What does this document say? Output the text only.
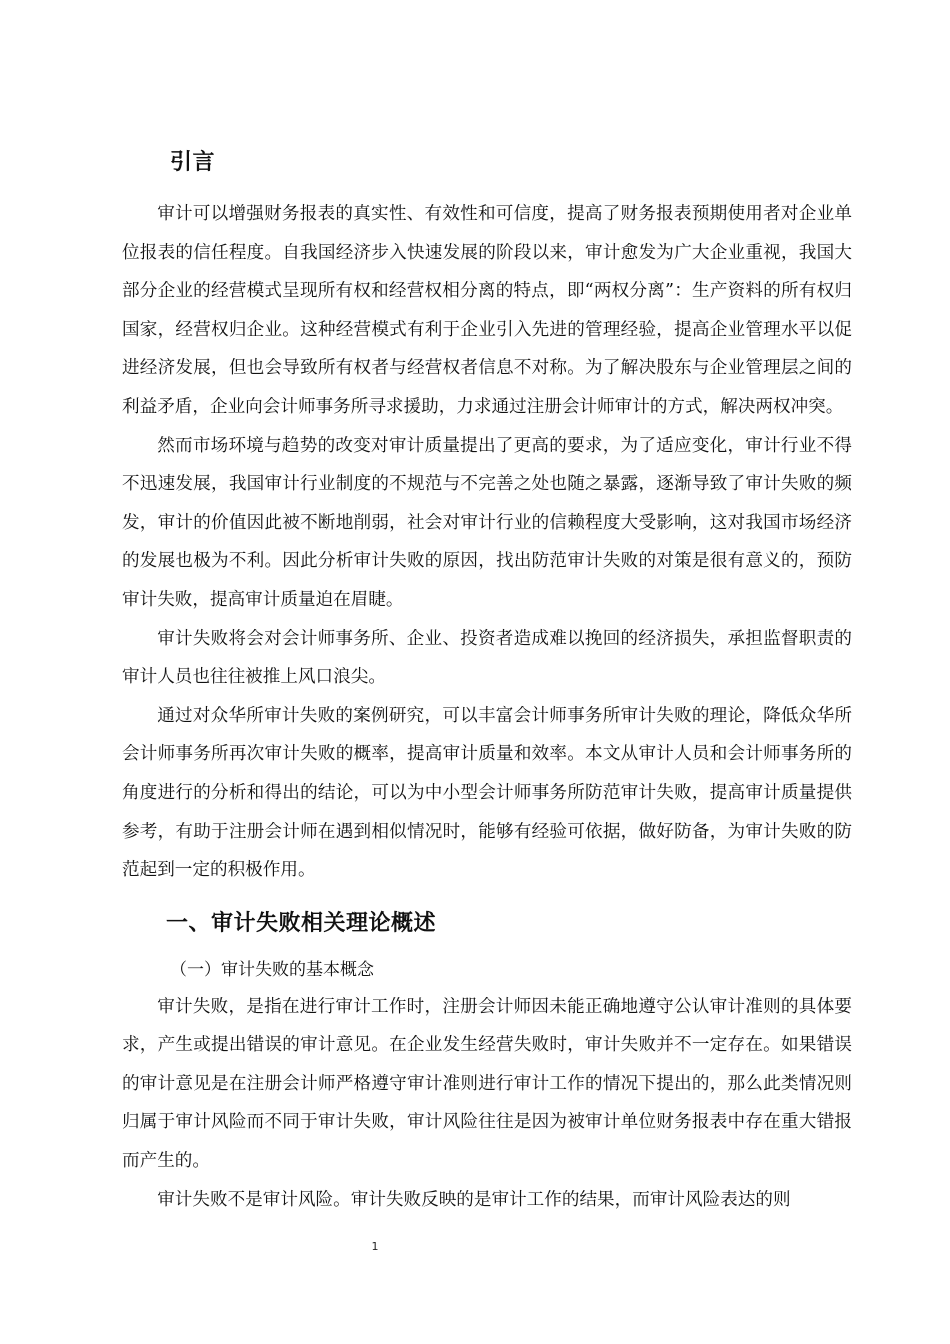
引言

审计可以增强财务报表的真实性、有效性和可信度，提高了财务报表预期使用者对企业单位报表的信任程度。自我国经济步入快速发展的阶段以来，审计愈发为广大企业重视，我国大部分企业的经营模式呈现所有权和经营权相分离的特点，即“两权分离”：生产资料的所有权归国家，经营权归企业。这种经营模式有利于企业引入先进的管理经验，提高企业管理水平以促进经济发展，但也会导致所有权者与经营权者信息不对称。为了解决股东与企业管理层之间的利益矛盾，企业向会计师事务所寻求援助，力求通过注册会计师审计的方式，解决两权冲突。

然而市场环境与趋势的改变对审计质量提出了更高的要求，为了适应变化，审计行业不得不迅速发展，我国审计行业制度的不规范与不完善之处也随之暴露，逐渐导致了审计失败的频发，审计的价值因此被不断地削弱，社会对审计行业的信赖程度大受影响，这对我国市场经济的发展也极为不利。因此分析审计失败的原因，找出防范审计失败的对策是很有意义的，预防审计失败，提高审计质量迫在眉睫。

审计失败将会对会计师事务所、企业、投资者造成难以挽回的经济损失，承担监督职责的审计人员也往往被推上风口浪尖。

通过对众华所审计失败的案例研究，可以丰富会计师事务所审计失败的理论，降低众华所会计师事务所再次审计失败的概率，提高审计质量和效率。本文从审计人员和会计师事务所的角度进行的分析和得出的结论，可以为中小型会计师事务所防范审计失败，提高审计质量提供参考，有助于注册会计师在遇到相似情况时，能够有经验可依据，做好防备，为审计失败的防范起到一定的积极作用。

一、审计失败相关理论概述

（一）审计失败的基本概念

审计失败，是指在进行审计工作时，注册会计师因未能正确地遵守公认审计准则的具体要求，产生或提出错误的审计意见。在企业发生经营失败时，审计失败并不一定存在。如果错误的审计意见是在注册会计师严格遵守审计准则进行审计工作的情况下提出的，那么此类情况则归属于审计风险而不同于审计失败，审计风险往往是因为被审计单位财务报表中存在重大错报而产生的。

审计失败不是审计风险。审计失败反映的是审计工作的结果，而审计风险表达的则

1
